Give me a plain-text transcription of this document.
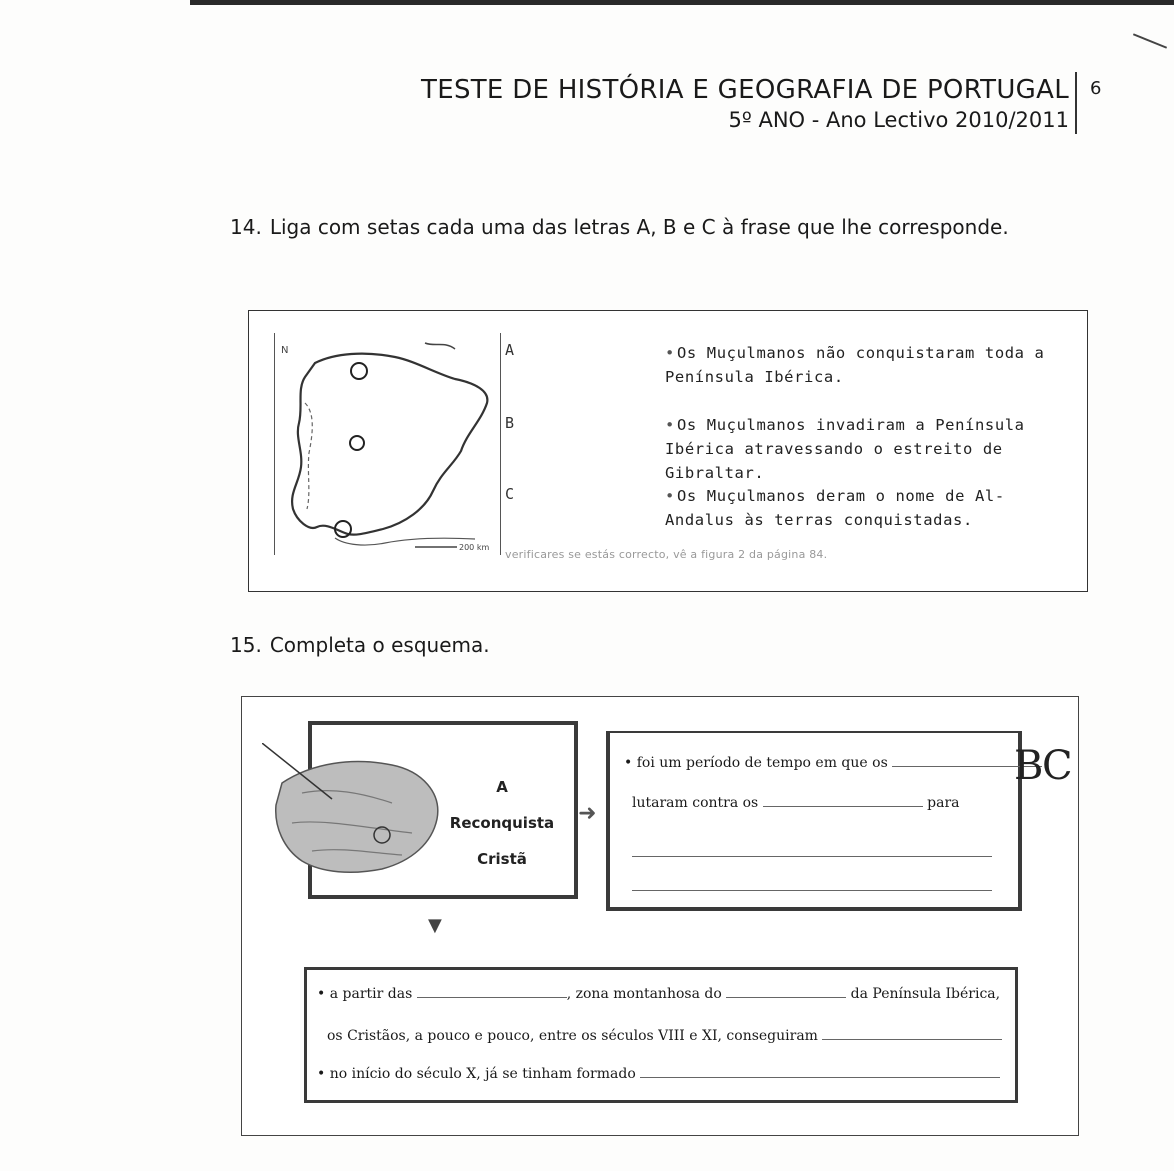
TESTE DE HISTÓRIA E GEOGRAFIA DE PORTUGAL
5º ANO - Ano Lectivo 2010/2011
6
14. Liga com setas cada uma das letras A, B e C à frase que lhe corresponde.
N
200 km
A
B
C
• Os Muçulmanos não conquistaram toda a Península Ibérica.
• Os Muçulmanos invadiram a Península Ibérica atravessando o estreito de Gibraltar.
• Os Muçulmanos deram o nome de Al-Andalus às terras conquistadas.
verificares se estás correcto, vê a figura 2 da página 84.
15. Completa o esquema.
A
Reconquista
Cristã
➜
• foi um período de tempo em que os
lutaram contra os	para
B
C
▼
• a partir das	, zona montanhosa do	da Península Ibérica,
os Cristãos, a pouco e pouco, entre os séculos VIII e XI, conseguiram
• no início do século X, já se tinham formado
